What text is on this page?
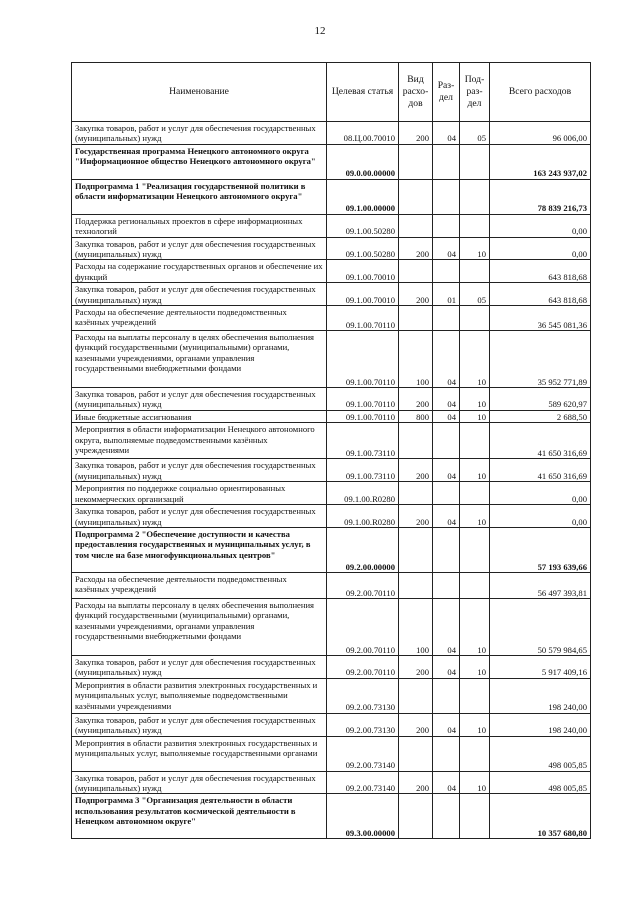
12
Наименование	Целевая статья	Вид расхо-дов	Раз-дел	Под-раз-дел	Всего расходов
Закупка товаров, работ и услуг для обеспечения государственных (муниципальных) нужд	08.Ц.00.70010	200	04	05	96 006,00
Государственная программа Ненецкого автономного округа "Информационное общество Ненецкого автономного округа"	09.0.00.00000				163 243 937,02
Подпрограмма 1 "Реализация государственной политики в области информатизации Ненецкого автономного округа"	09.1.00.00000				78 839 216,73
Поддержка региональных проектов в сфере информационных технологий	09.1.00.50280				0,00
Закупка товаров, работ и услуг для обеспечения государственных (муниципальных) нужд	09.1.00.50280	200	04	10	0,00
Расходы на содержание государственных органов и обеспечение их функций	09.1.00.70010				643 818,68
Закупка товаров, работ и услуг для обеспечения государственных (муниципальных) нужд	09.1.00.70010	200	01	05	643 818,68
Расходы на обеспечение деятельности подведомственных казённых учреждений	09.1.00.70110				36 545 081,36
Расходы на выплаты персоналу в целях обеспечения выполнения функций государственными (муниципальными) органами, казенными учреждениями, органами управления государственными внебюджетными фондами	09.1.00.70110	100	04	10	35 952 771,89
Закупка товаров, работ и услуг для обеспечения государственных (муниципальных) нужд	09.1.00.70110	200	04	10	589 620,97
Иные бюджетные ассигнования	09.1.00.70110	800	04	10	2 688,50
Мероприятия в области информатизации Ненецкого автономного округа, выполняемые подведомственными казённых учреждениями	09.1.00.73110				41 650 316,69
Закупка товаров, работ и услуг для обеспечения государственных (муниципальных) нужд	09.1.00.73110	200	04	10	41 650 316,69
Мероприятия по поддержке социально ориентированных некоммерческих организаций	09.1.00.R0280				0,00
Закупка товаров, работ и услуг для обеспечения государственных (муниципальных) нужд	09.1.00.R0280	200	04	10	0,00
Подпрограмма 2 "Обеспечение доступности и качества предоставления государственных и муниципальных услуг, в том числе на базе многофункциональных центров"	09.2.00.00000				57 193 639,66
Расходы на обеспечение деятельности подведомственных казённых учреждений	09.2.00.70110				56 497 393,81
Расходы на выплаты персоналу в целях обеспечения выполнения функций государственными (муниципальными) органами, казенными учреждениями, органами управления государственными внебюджетными фондами	09.2.00.70110	100	04	10	50 579 984,65
Закупка товаров, работ и услуг для обеспечения государственных (муниципальных) нужд	09.2.00.70110	200	04	10	5 917 409,16
Мероприятия в области развития электронных государственных и муниципальных услуг, выполняемые подведомственными казёнными учреждениями	09.2.00.73130				198 240,00
Закупка товаров, работ и услуг для обеспечения государственных (муниципальных) нужд	09.2.00.73130	200	04	10	198 240,00
Мероприятия в области развития электронных государственных и муниципальных услуг, выполняемые государственными органами	09.2.00.73140				498 005,85
Закупка товаров, работ и услуг для обеспечения государственных (муниципальных) нужд	09.2.00.73140	200	04	10	498 005,85
Подпрограмма 3 "Организация деятельности в области использования результатов космической деятельности в Ненецком автономном округе"	09.3.00.00000				10 357 680,80
